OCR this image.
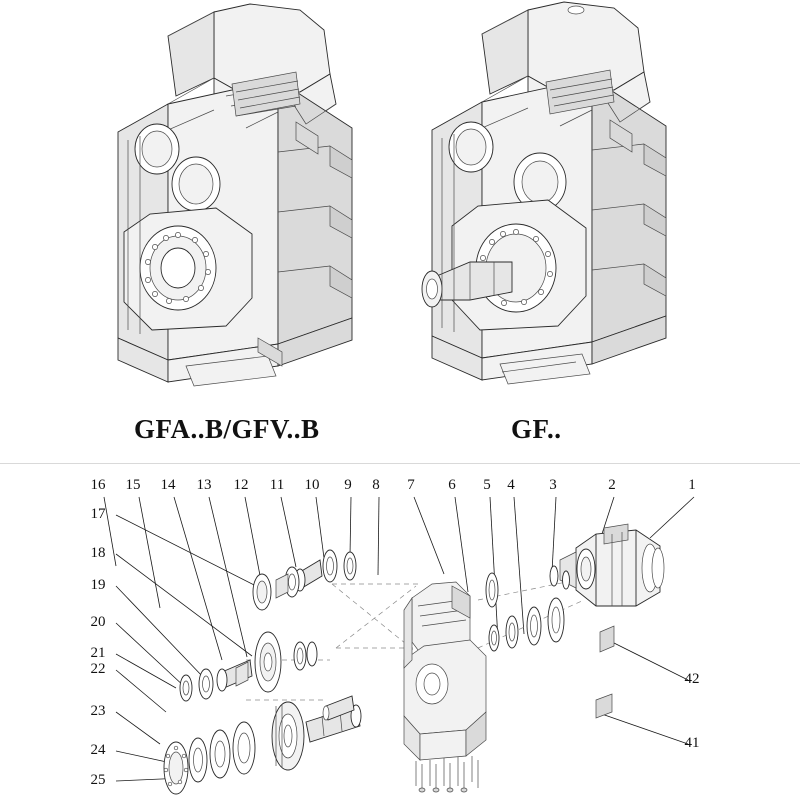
GFA..B/GFV..B	GF..
16 15 14 13 12 11 10	9	8	7	6	5	4	3	2	1
17
18
19
20
21
22
23
24
25
42
41
